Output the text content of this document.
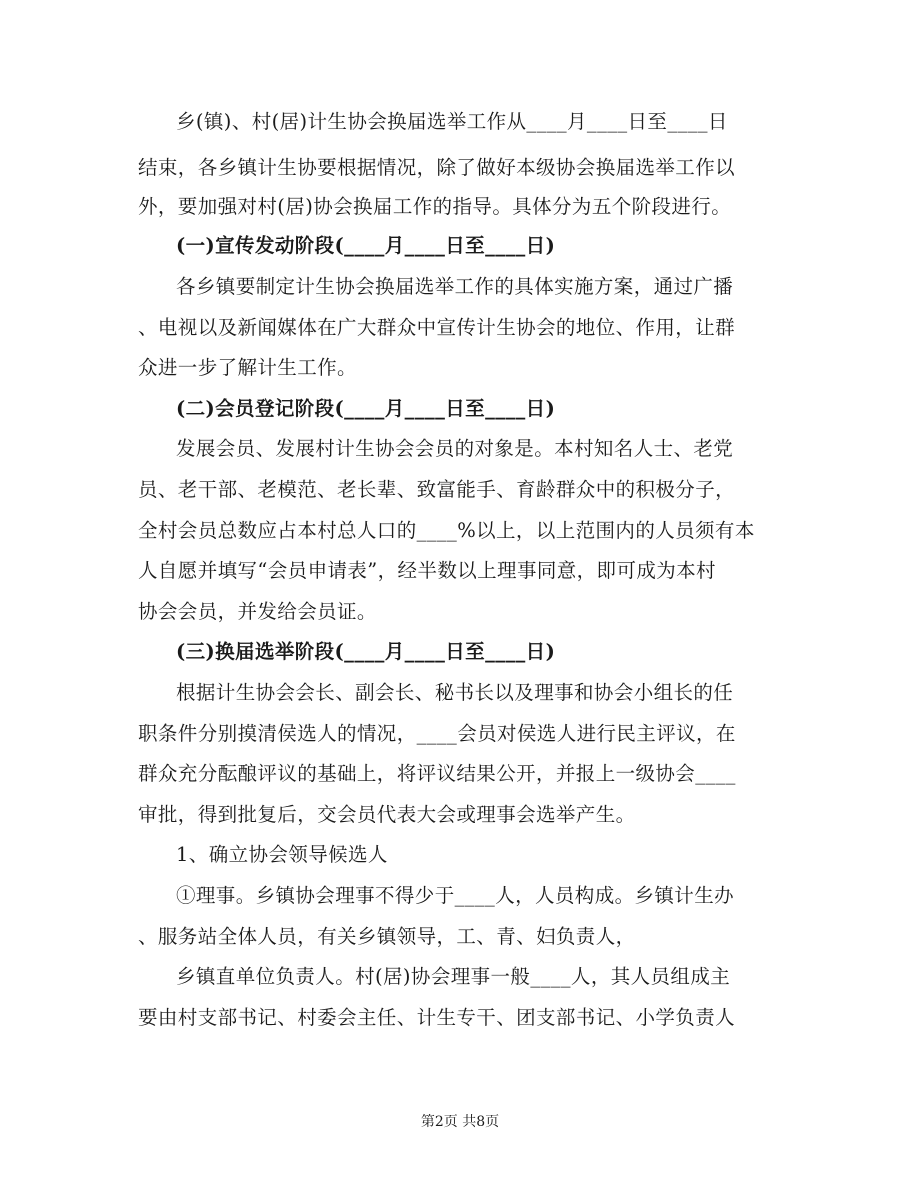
乡(镇)、村(居)计生协会换届选举工作从____月____日至____日
结束，各乡镇计生协要根据情况，除了做好本级协会换届选举工作以
外，要加强对村(居)协会换届工作的指导。具体分为五个阶段进行。
(一)宣传发动阶段(____月____日至____日)
各乡镇要制定计生协会换届选举工作的具体实施方案，通过广播
、电视以及新闻媒体在广大群众中宣传计生协会的地位、作用，让群
众进一步了解计生工作。
(二)会员登记阶段(____月____日至____日)
发展会员、发展村计生协会会员的对象是。本村知名人士、老党
员、老干部、老模范、老长辈、致富能手、育龄群众中的积极分子，
全村会员总数应占本村总人口的____%以上，以上范围内的人员须有本
人自愿并填写“会员申请表”，经半数以上理事同意，即可成为本村
协会会员，并发给会员证。
(三)换届选举阶段(____月____日至____日)
根据计生协会会长、副会长、秘书长以及理事和协会小组长的任
职条件分别摸清侯选人的情况，____会员对侯选人进行民主评议，在
群众充分酝酿评议的基础上，将评议结果公开，并报上一级协会____
审批，得到批复后，交会员代表大会或理事会选举产生。
1、确立协会领导候选人
①理事。乡镇协会理事不得少于____人，人员构成。乡镇计生办
、服务站全体人员，有关乡镇领导，工、青、妇负责人，
乡镇直单位负责人。村(居)协会理事一般____人，其人员组成主
要由村支部书记、村委会主任、计生专干、团支部书记、小学负责人
第2页 共8页
